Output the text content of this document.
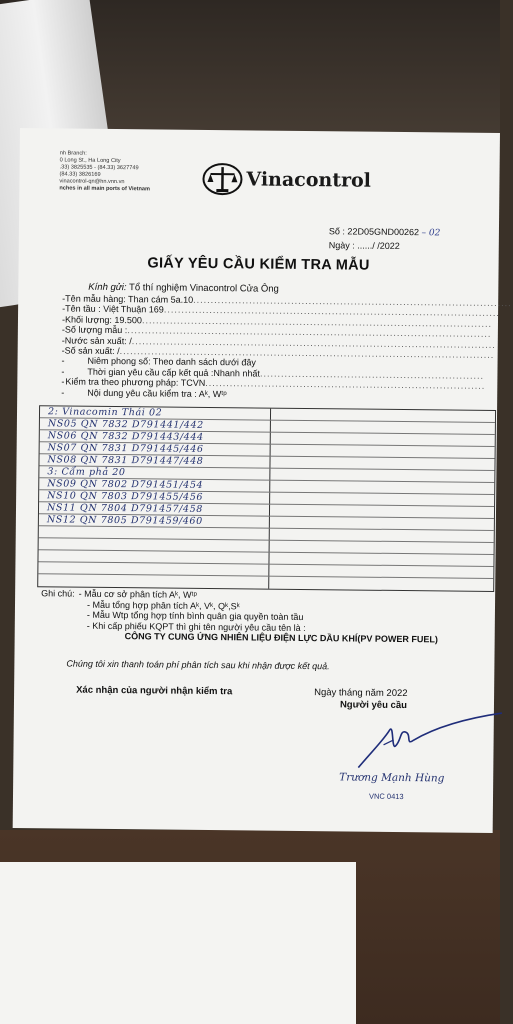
nh Branch:
0 Long St., Ha Long City
.33) 3825535 - (84.33) 3627749
(84.33) 3826169
vinacontrol-qn@hn.vnn.vn
nches in all main ports of Vietnam	Vinacontrol
Số : 22D05GND00262 – 02
Ngày : ....../ /2022
GIẤY YÊU CẦU KIỂM TRA MẪU
Kính gửi: Tổ thí nghiệm Vinacontrol Cửa Ông
- Tên mẫu hàng: Than cám 5a.10 ...........................................................................................
- Tên tầu : Việt Thuận 169 ................................................................................................
- Khối lượng: 19.500 ....................................................................................................
- Số lượng mẫu : ........................................................................................................
- Nước sản xuất: / ........................................................................................................
- Số sản xuất: / ...........................................................................................................
-	Niêm phong số: Theo danh sách dưới đây
-	Thời gian yêu cầu cấp kết quả :Nhanh nhất ................................................................
- Kiểm tra theo phương pháp: TCVN ................................................................................
-	Nội dung yêu cầu kiểm tra : Aᵏ, Wᵗᵖ
2: Vinacomin Thái 02
NS05 QN 7832 D791441/442
NS06 QN 7832 D791443/444
NS07 QN 7831 D791445/446
NS08 QN 7831 D791447/448
3: Cẩm phả 20
NS09 QN 7802 D791451/454
NS10 QN 7803 D791455/456
NS11 QN 7804 D791457/458
NS12 QN 7805 D791459/460
Ghi chú: - Mẫu cơ sở phân tích Aᵏ, Wᵗᵖ
- Mẫu tổng hợp phân tích Aᵏ, Vᵏ, Qᵏ,Sᵏ
- Mẫu Wtp tổng hợp tính bình quân gia quyền toàn tầu
- Khi cấp phiếu KQPT thì ghi tên người yêu cầu tên là :
CÔNG TY CUNG ỨNG NHIÊN LIỆU ĐIỆN LỰC DẦU KHÍ(PV POWER FUEL)
Chúng tôi xin thanh toán phí phân tích sau khi nhận được kết quả.
Xác nhận của người nhận kiểm tra	Ngày tháng năm 2022
Người yêu cầu
Trương Mạnh Hùng
VNC 0413
